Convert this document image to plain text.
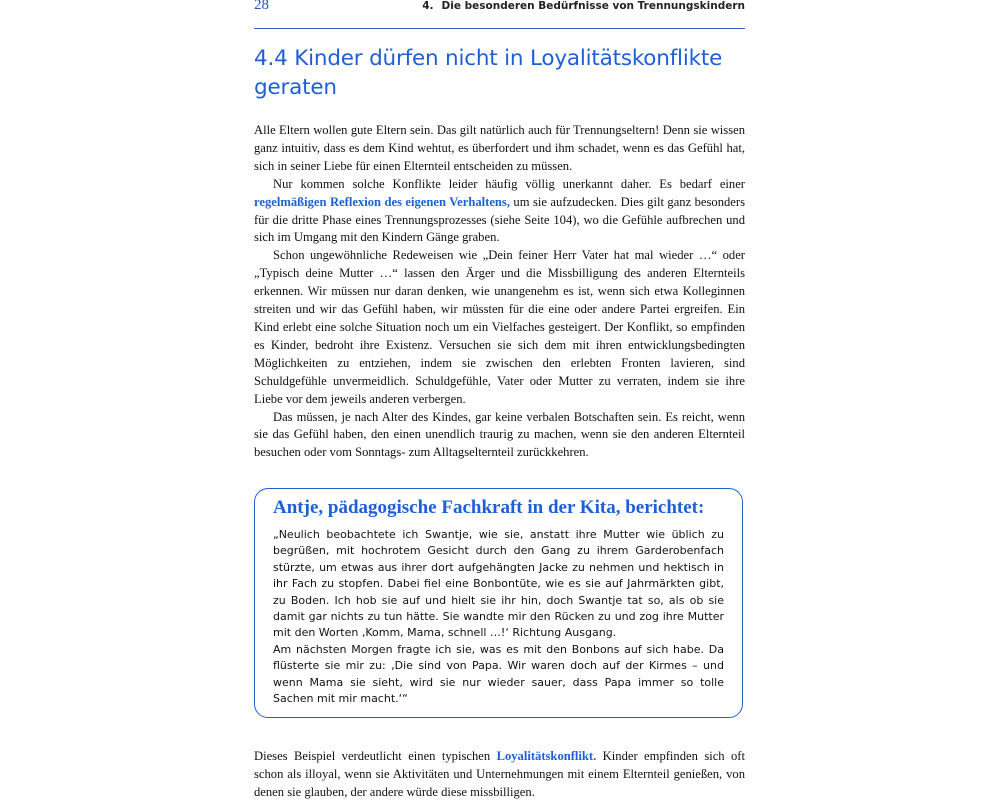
28	4. Die besonderen Bedürfnisse von Trennungskindern
4.4 Kinder dürfen nicht in Loyalitätskonflikte geraten

Alle Eltern wollen gute Eltern sein. Das gilt natürlich auch für Trennungseltern! Denn sie wissen ganz intuitiv, dass es dem Kind wehtut, es überfordert und ihm schadet, wenn es das Gefühl hat, sich in seiner Liebe für einen Elternteil entscheiden zu müssen.

Nur kommen solche Konflikte leider häufig völlig unerkannt daher. Es bedarf einer regelmäßigen Reflexion des eigenen Verhaltens, um sie aufzudecken. Dies gilt ganz besonders für die dritte Phase eines Trennungsprozesses (siehe Seite 104), wo die Gefühle aufbrechen und sich im Umgang mit den Kindern Gänge graben.

Schon ungewöhnliche Redeweisen wie „Dein feiner Herr Vater hat mal wieder …“ oder „Typisch deine Mutter …“ lassen den Ärger und die Missbilligung des anderen Elternteils erkennen. Wir müssen nur daran denken, wie unangenehm es ist, wenn sich etwa Kolleginnen streiten und wir das Gefühl haben, wir müssten für die eine oder andere Partei ergreifen. Ein Kind erlebt eine solche Situation noch um ein Vielfaches gesteigert. Der Konflikt, so empfinden es Kinder, bedroht ihre Existenz. Versuchen sie sich dem mit ihren entwicklungsbedingten Möglichkeiten zu entziehen, indem sie zwischen den erlebten Fronten lavieren, sind Schuldgefühle unvermeidlich. Schuldgefühle, Vater oder Mutter zu verraten, indem sie ihre Liebe vor dem jeweils anderen verbergen.

Das müssen, je nach Alter des Kindes, gar keine verbalen Botschaften sein. Es reicht, wenn sie das Gefühl haben, den einen unendlich traurig zu machen, wenn sie den anderen Elternteil besuchen oder vom Sonntags- zum Alltagselternteil zurückkehren.

Antje, pädagogische Fachkraft in der Kita, berichtet:

„Neulich beobachtete ich Swantje, wie sie, anstatt ihre Mutter wie üblich zu begrüßen, mit hochrotem Gesicht durch den Gang zu ihrem Garderobenfach stürzte, um etwas aus ihrer dort aufgehängten Jacke zu nehmen und hektisch in ihr Fach zu stopfen. Dabei fiel eine Bonbontüte, wie es sie auf Jahrmärkten gibt, zu Boden. Ich hob sie auf und hielt sie ihr hin, doch Swantje tat so, als ob sie damit gar nichts zu tun hätte. Sie wandte mir den Rücken zu und zog ihre Mutter mit den Worten ‚Komm, Mama, schnell …!‘ Richtung Ausgang.

Am nächsten Morgen fragte ich sie, was es mit den Bonbons auf sich habe. Da flüsterte sie mir zu: ‚Die sind von Papa. Wir waren doch auf der Kirmes – und wenn Mama sie sieht, wird sie nur wieder sauer, dass Papa immer so tolle Sachen mit mir macht.‘“

Dieses Beispiel verdeutlicht einen typischen Loyalitätskonflikt. Kinder empfinden sich oft schon als illoyal, wenn sie Aktivitäten und Unternehmungen mit einem Elternteil genießen, von denen sie glauben, der andere würde diese missbilligen.
